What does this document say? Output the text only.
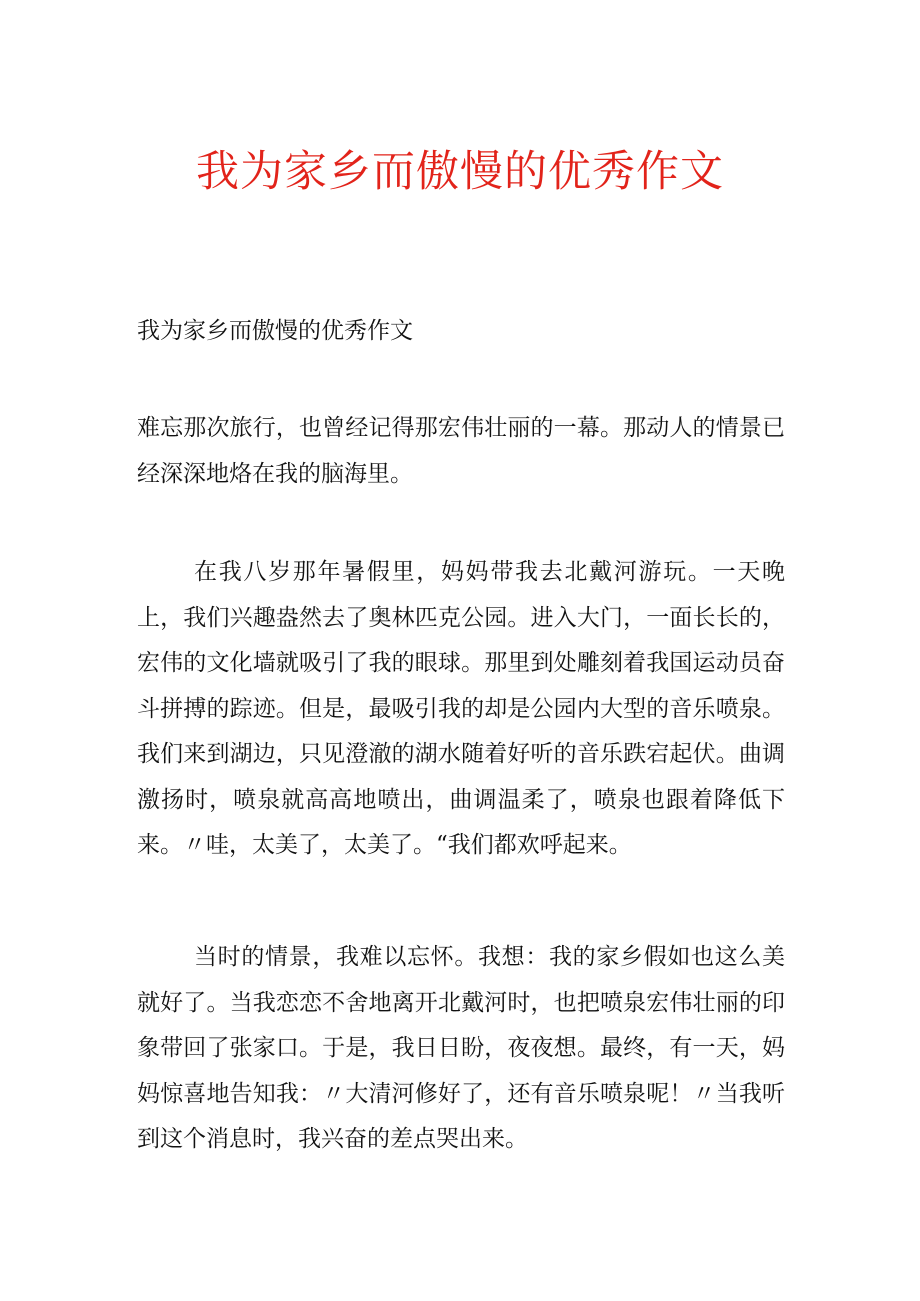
我为家乡而傲慢的优秀作文
我为家乡而傲慢的优秀作文

难忘那次旅行，也曾经记得那宏伟壮丽的一幕。那动人的情景已经深深地烙在我的脑海里。

在我八岁那年暑假里，妈妈带我去北戴河游玩。一天晚上，我们兴趣盎然去了奥林匹克公园。进入大门，一面长长的，宏伟的文化墙就吸引了我的眼球。那里到处雕刻着我国运动员奋斗拼搏的踪迹。但是，最吸引我的却是公园内大型的音乐喷泉。我们来到湖边，只见澄澈的湖水随着好听的音乐跌宕起伏。曲调激扬时，喷泉就高高地喷出，曲调温柔了，喷泉也跟着降低下来。〃哇，太美了，太美了。“我们都欢呼起来。

当时的情景，我难以忘怀。我想：我的家乡假如也这么美就好了。当我恋恋不舍地离开北戴河时，也把喷泉宏伟壮丽的印象带回了张家口。于是，我日日盼，夜夜想。最终，有一天，妈妈惊喜地告知我：〃大清河修好了，还有音乐喷泉呢！〃当我听到这个消息时，我兴奋的差点哭出来。
